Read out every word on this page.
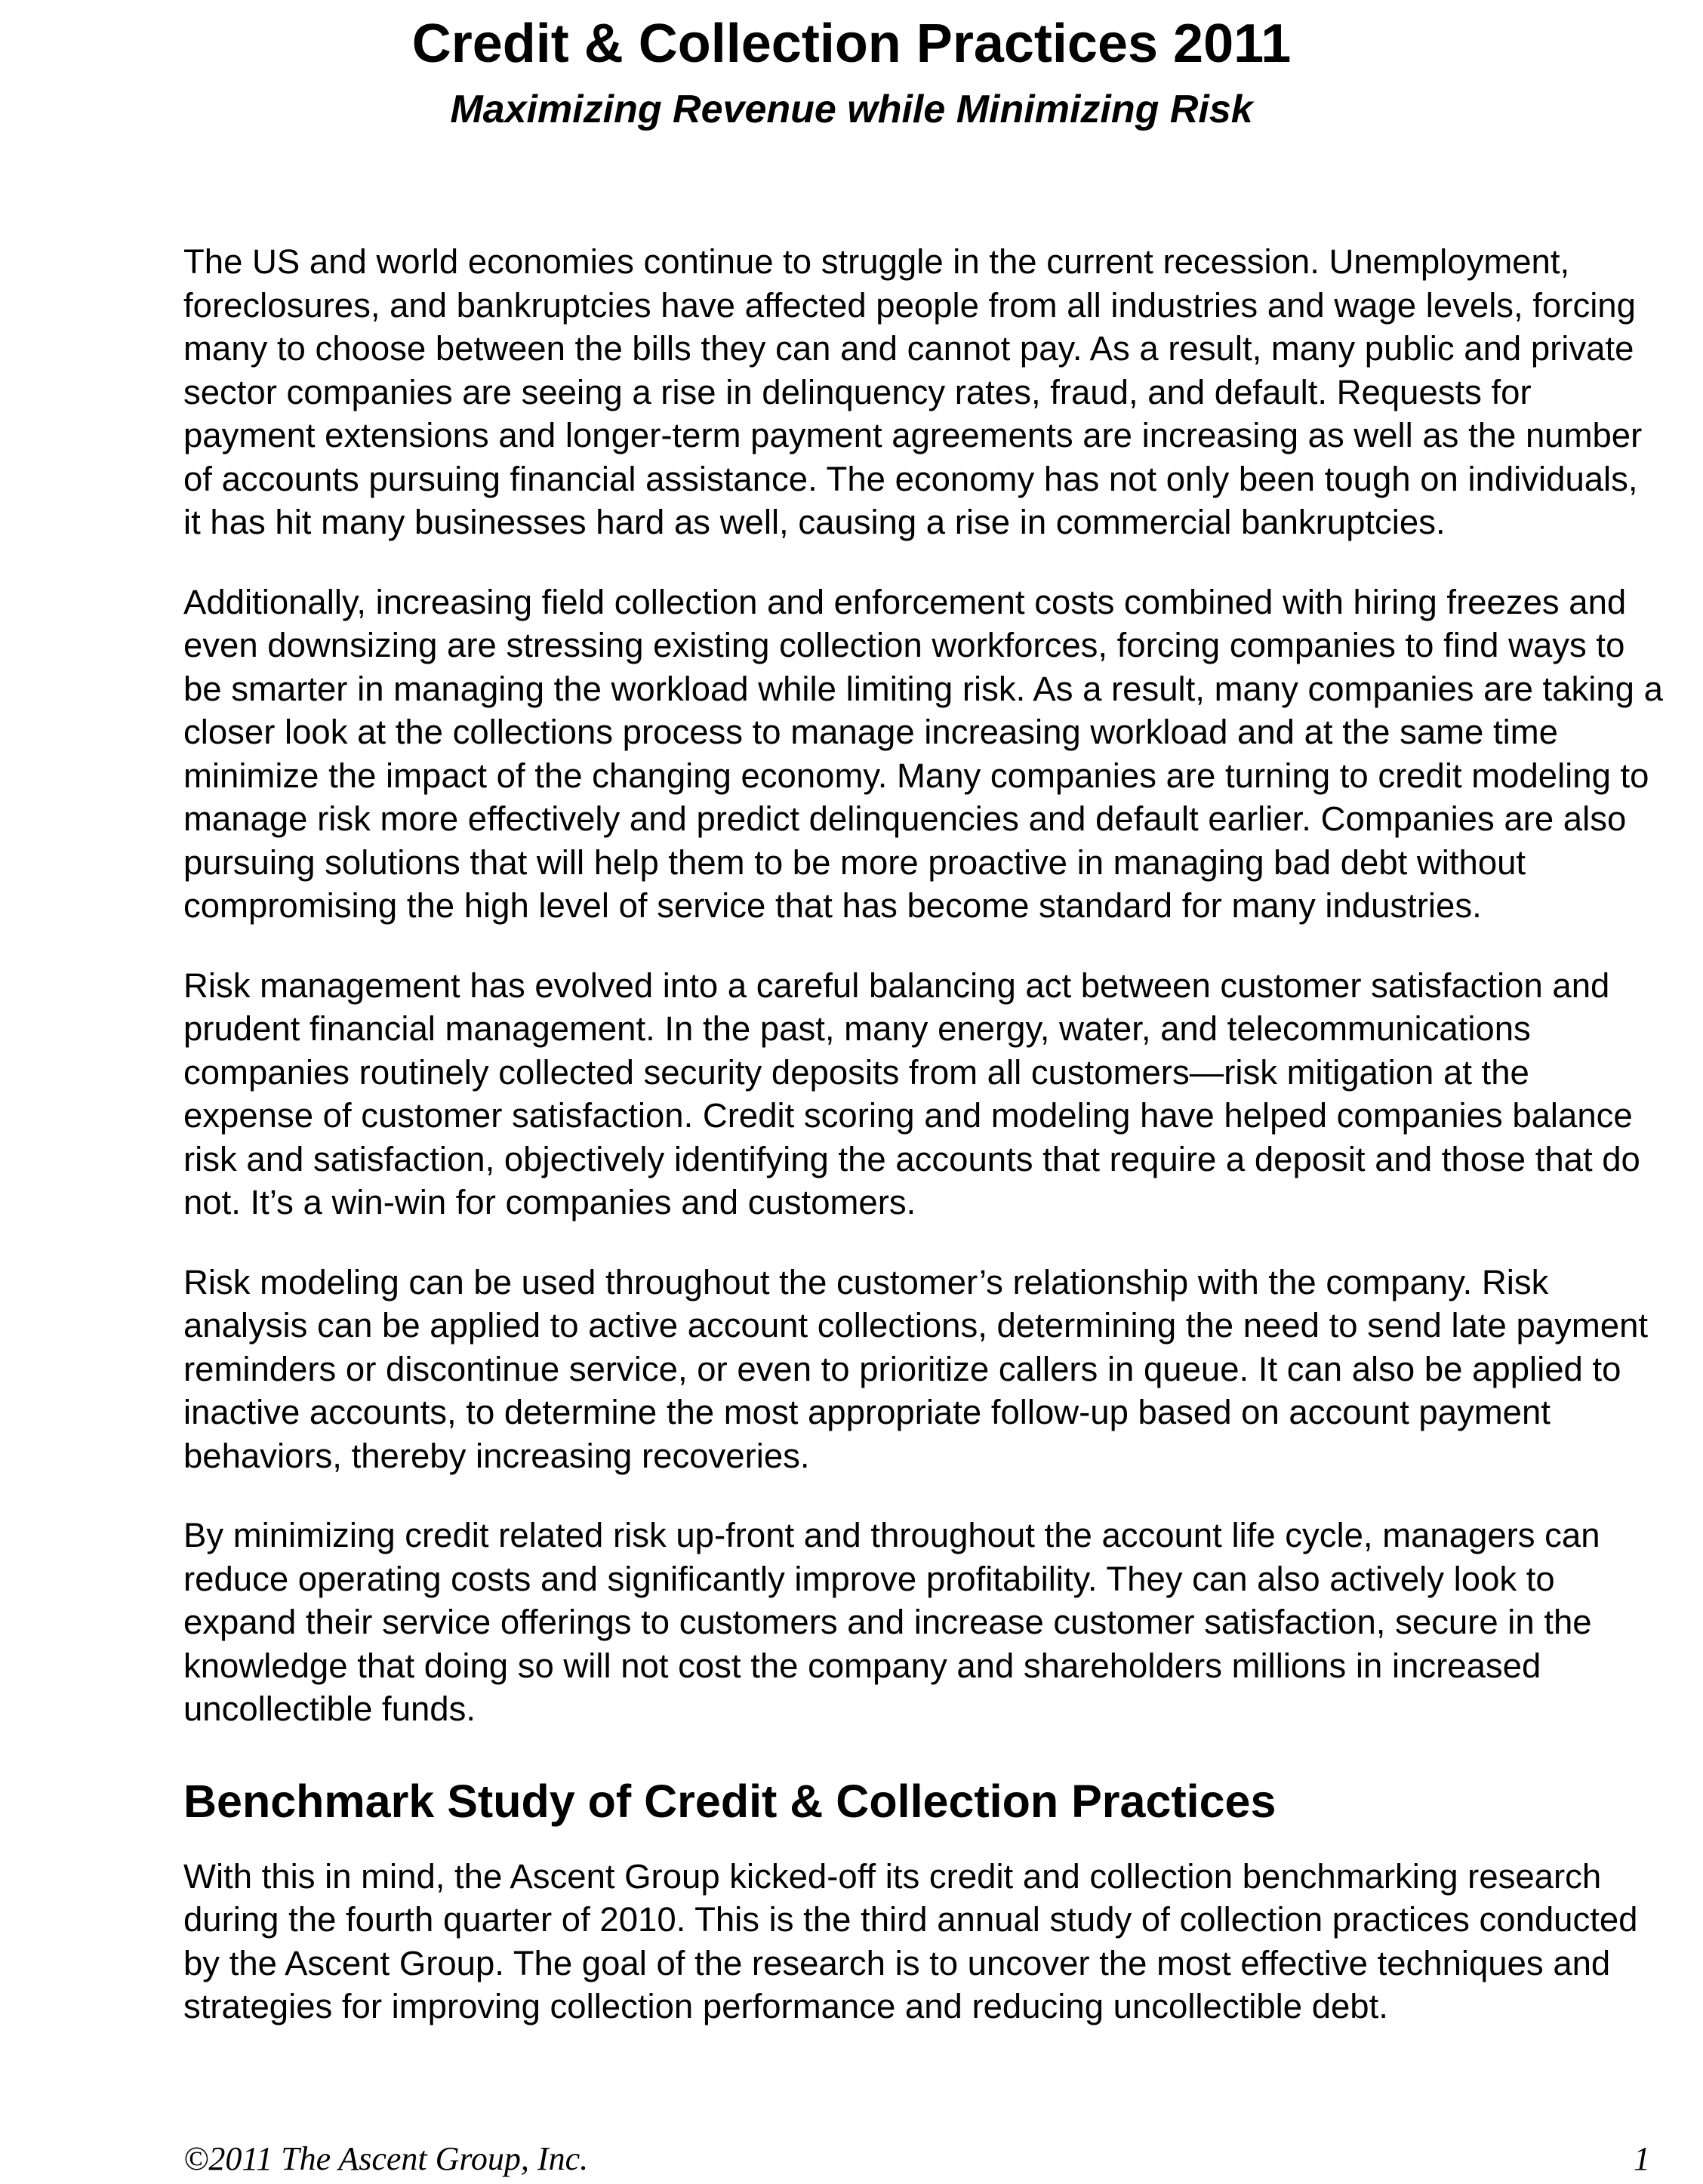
Credit & Collection Practices 2011
Maximizing Revenue while Minimizing Risk

The US and world economies continue to struggle in the current recession. Unemployment, foreclosures, and bankruptcies have affected people from all industries and wage levels, forcing many to choose between the bills they can and cannot pay. As a result, many public and private sector companies are seeing a rise in delinquency rates, fraud, and default. Requests for payment extensions and longer-term payment agreements are increasing as well as the number of accounts pursuing financial assistance. The economy has not only been tough on individuals, it has hit many businesses hard as well, causing a rise in commercial bankruptcies.

Additionally, increasing field collection and enforcement costs combined with hiring freezes and even downsizing are stressing existing collection workforces, forcing companies to find ways to be smarter in managing the workload while limiting risk. As a result, many companies are taking a closer look at the collections process to manage increasing workload and at the same time minimize the impact of the changing economy. Many companies are turning to credit modeling to manage risk more effectively and predict delinquencies and default earlier. Companies are also pursuing solutions that will help them to be more proactive in managing bad debt without compromising the high level of service that has become standard for many industries.

Risk management has evolved into a careful balancing act between customer satisfaction and prudent financial management. In the past, many energy, water, and telecommunications companies routinely collected security deposits from all customers—risk mitigation at the expense of customer satisfaction. Credit scoring and modeling have helped companies balance risk and satisfaction, objectively identifying the accounts that require a deposit and those that do not. It’s a win-win for companies and customers.

Risk modeling can be used throughout the customer’s relationship with the company. Risk analysis can be applied to active account collections, determining the need to send late payment reminders or discontinue service, or even to prioritize callers in queue. It can also be applied to inactive accounts, to determine the most appropriate follow-up based on account payment behaviors, thereby increasing recoveries.

By minimizing credit related risk up-front and throughout the account life cycle, managers can reduce operating costs and significantly improve profitability. They can also actively look to expand their service offerings to customers and increase customer satisfaction, secure in the knowledge that doing so will not cost the company and shareholders millions in increased uncollectible funds.

Benchmark Study of Credit & Collection Practices

With this in mind, the Ascent Group kicked-off its credit and collection benchmarking research during the fourth quarter of 2010. This is the third annual study of collection practices conducted by the Ascent Group. The goal of the research is to uncover the most effective techniques and strategies for improving collection performance and reducing uncollectible debt.

©2011 The Ascent Group, Inc.	1
